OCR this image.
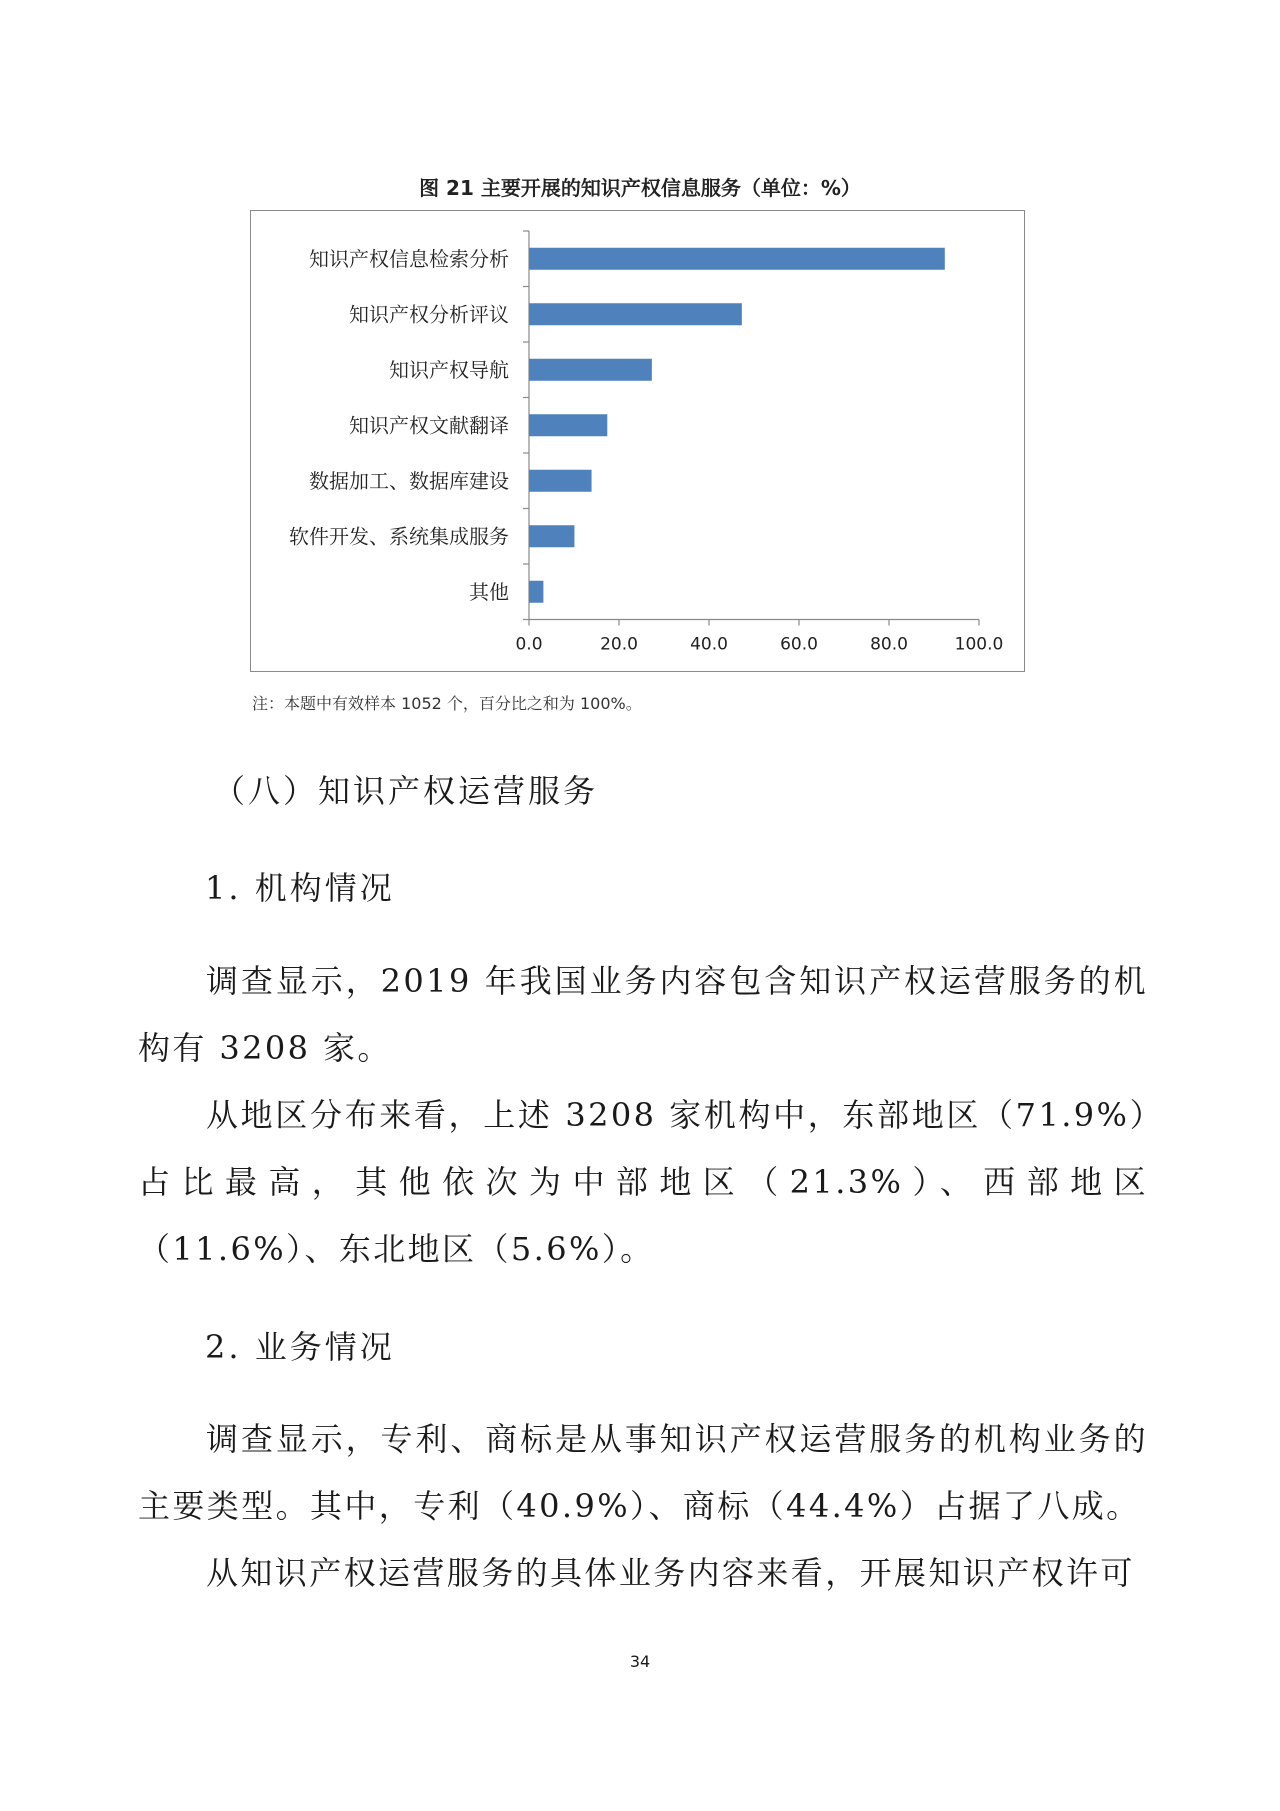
图 21 主要开展的知识产权信息服务（单位：%）
0.0	20.0	40.0	60.0	80.0	100.0
知识产权信息检索分析
知识产权分析评议
知识产权导航
知识产权文献翻译
数据加工、数据库建设
软件开发、系统集成服务
其他
注：本题中有效样本 1052 个，百分比之和为 100%。
（八）知识产权运营服务
1. 机构情况
调查显示，2019 年我国业务内容包含知识产权运营服务的机构有 3208 家。
从地区分布来看，上述 3208 家机构中，东部地区（71.9%）占比最高，其他依次为中部地区（21.3%）、西部地区（11.6%）、东北地区（5.6%）。
2. 业务情况
调查显示，专利、商标是从事知识产权运营服务的机构业务的主要类型。其中，专利（40.9%）、商标（44.4%）占据了八成。
从知识产权运营服务的具体业务内容来看，开展知识产权许可
34
